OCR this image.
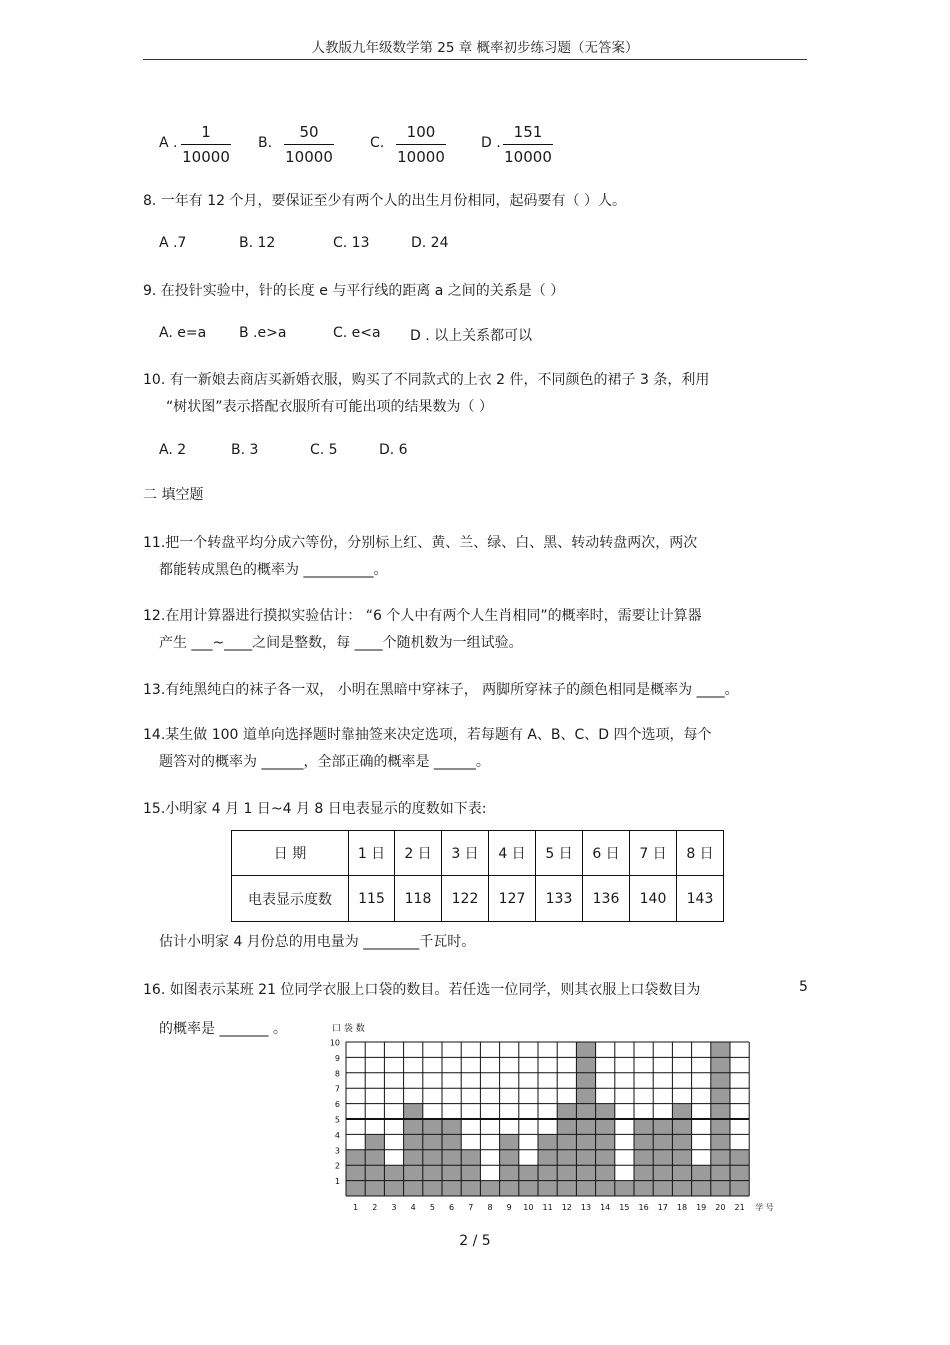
人教版九年级数学第 25 章 概率初步练习题（无答案）
A .
1
10000
B.
50
10000
C.
100
10000
D .
151
10000
8. 一年有 12 个月，要保证至少有两个人的出生月份相同，起码要有（ ）人。
A .7	B. 12	C. 13	D. 24
9. 在投针实验中，针的长度 e 与平行线的距离 a 之间的关系是（ ）
A. e=a B .e>a	C. e<a D . 以上关系都可以
10. 有一新娘去商店买新婚衣服，购买了不同款式的上衣 2 件，不同颜色的裙子 3 条，利用
“树状图”表示搭配衣服所有可能出项的结果数为（ ）
A. 2	B. 3	C. 5	D. 6
二 填空题
11.把一个转盘平均分成六等份，分别标上红、黄、兰、绿、白、黑、转动转盘两次，两次
都能转成黑色的概率为 __________。
12.在用计算器进行摸拟实验估计： “6 个人中有两个人生肖相同”的概率时，需要让计算器
产生 ___~____之间是整数，每 ____个随机数为一组试验。
13.有纯黑纯白的袜子各一双， 小明在黑暗中穿袜子， 两脚所穿袜子的颜色相同是概率为 ____。
14.某生做 100 道单向选择题时靠抽签来决定选项，若每题有 A、B、C、D 四个选项，每个
题答对的概率为 ______，全部正确的概率是 ______。
15.小明家 4 月 1 日~4 月 8 日电表显示的度数如下表:
日 期	1 日	2 日	3 日	4 日	5 日	6 日	7 日	8 日
电表显示度数	115	118	122	127	133	136	140	143
估计小明家 4 月份总的用电量为 ________千瓦时。
16. 如图表示某班 21 位同学衣服上口袋的数目。若任选一位同学，则其衣服上口袋数目为	5
的概率是 _______ 。
1
2
3
4
5
6
7
8
9
10
1 2 3 4 5 6 7 8 9 10 11 12 13 14 15 16 17 18 19 20 21
口 袋 数
学 号
2 / 5
